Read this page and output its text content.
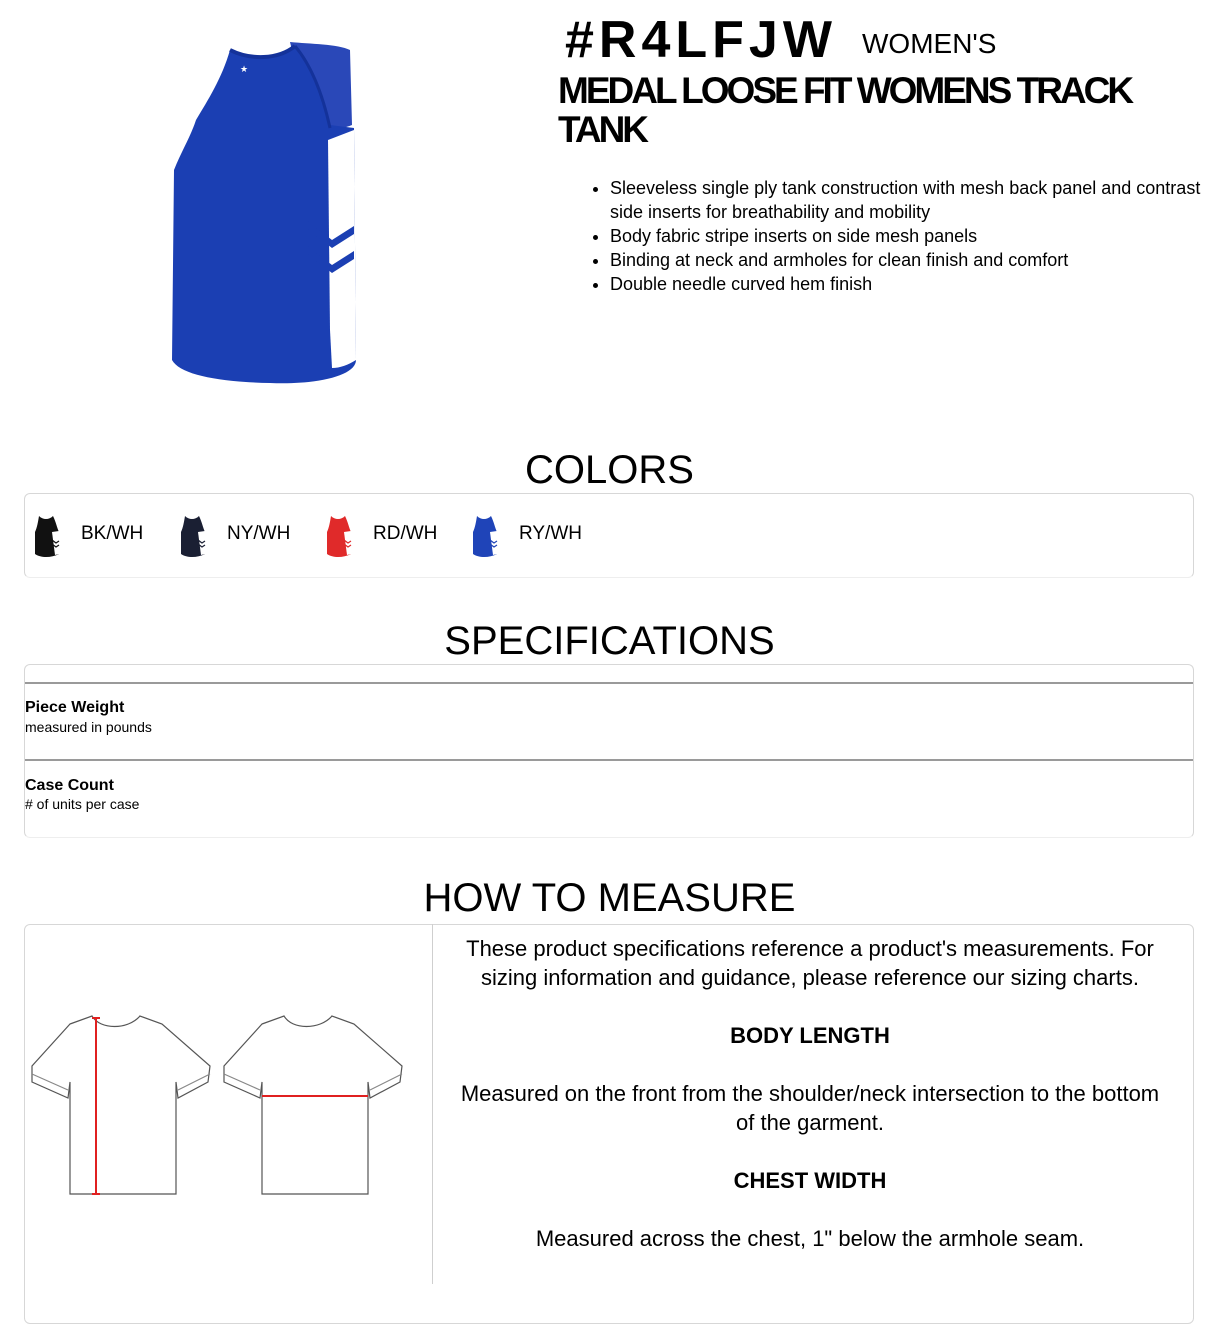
★
#R4LFJW WOMEN'S
MEDAL LOOSE FIT WOMENS TRACK TANK
• Sleeveless single ply tank construction with mesh back panel and contrast side inserts for breathability and mobility
• Body fabric stripe inserts on side mesh panels
• Binding at neck and armholes for clean finish and comfort
• Double needle curved hem finish
COLORS
BK/WH	NY/WH	RD/WH	RY/WH
SPECIFICATIONS
Piece Weight
measured in pounds
Case Count
# of units per case
HOW TO MEASURE

These product specifications reference a product's measurements. For sizing information and guidance, please reference our sizing charts.

BODY LENGTH

Measured on the front from the shoulder/neck intersection to the bottom of the garment.

CHEST WIDTH

Measured across the chest, 1" below the armhole seam.
